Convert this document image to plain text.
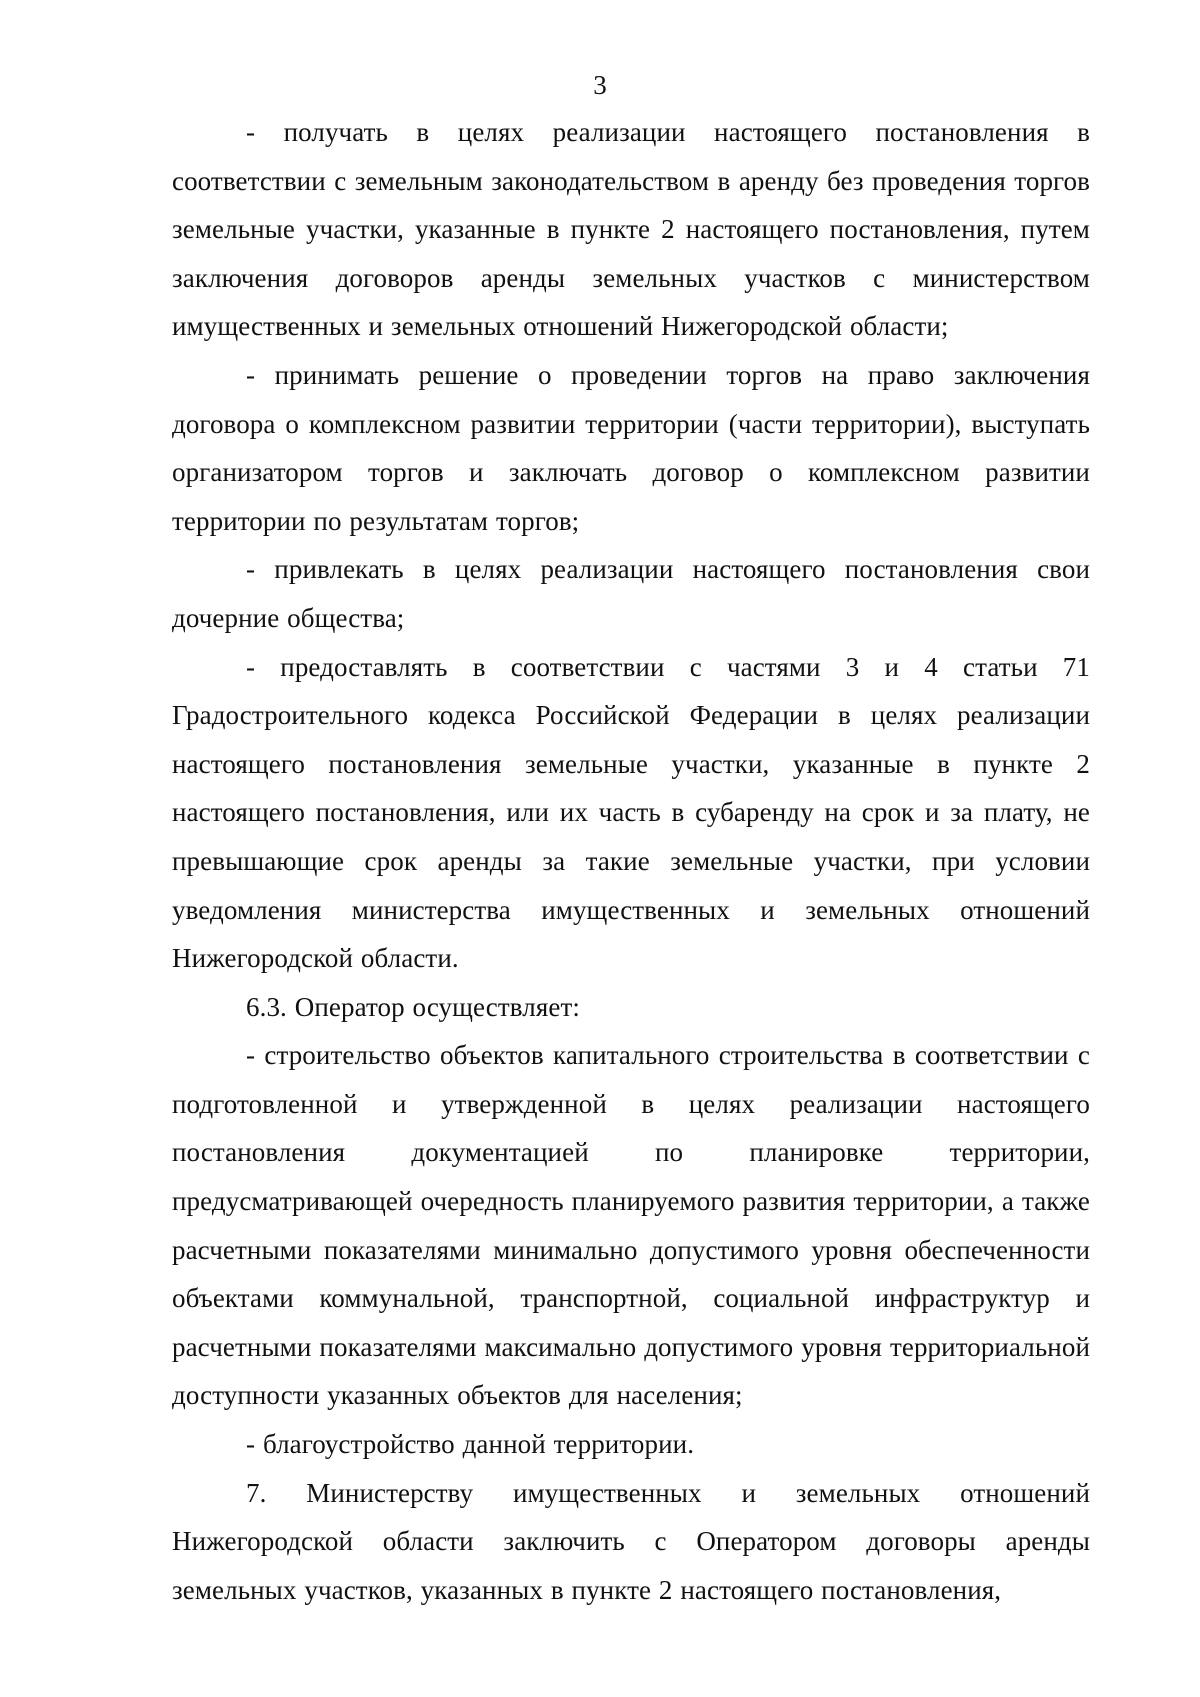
3

- получать в целях реализации настоящего постановления в соответствии с земельным законодательством в аренду без проведения торгов земельные участки, указанные в пункте 2 настоящего постановления, путем заключения договоров аренды земельных участков с министерством имущественных и земельных отношений Нижегородской области;

- принимать решение о проведении торгов на право заключения договора о комплексном развитии территории (части территории), выступать организатором торгов и заключать договор о комплексном развитии территории по результатам торгов;

- привлекать в целях реализации настоящего постановления свои дочерние общества;

- предоставлять в соответствии с частями 3 и 4 статьи 71 Градостроительного кодекса Российской Федерации в целях реализации настоящего постановления земельные участки, указанные в пункте 2 настоящего постановления, или их часть в субаренду на срок и за плату, не превышающие срок аренды за такие земельные участки, при условии уведомления министерства имущественных и земельных отношений Нижегородской области.

6.3. Оператор осуществляет:

- строительство объектов капитального строительства в соответствии с подготовленной и утвержденной в целях реализации настоящего постановления документацией по планировке территории, предусматривающей очередность планируемого развития территории, а также расчетными показателями минимально допустимого уровня обеспеченности объектами коммунальной, транспортной, социальной инфраструктур и расчетными показателями максимально допустимого уровня территориальной доступности указанных объектов для населения;

- благоустройство данной территории.

7. Министерству имущественных и земельных отношений Нижегородской области заключить с Оператором договоры аренды земельных участков, указанных в пункте 2 настоящего постановления,
